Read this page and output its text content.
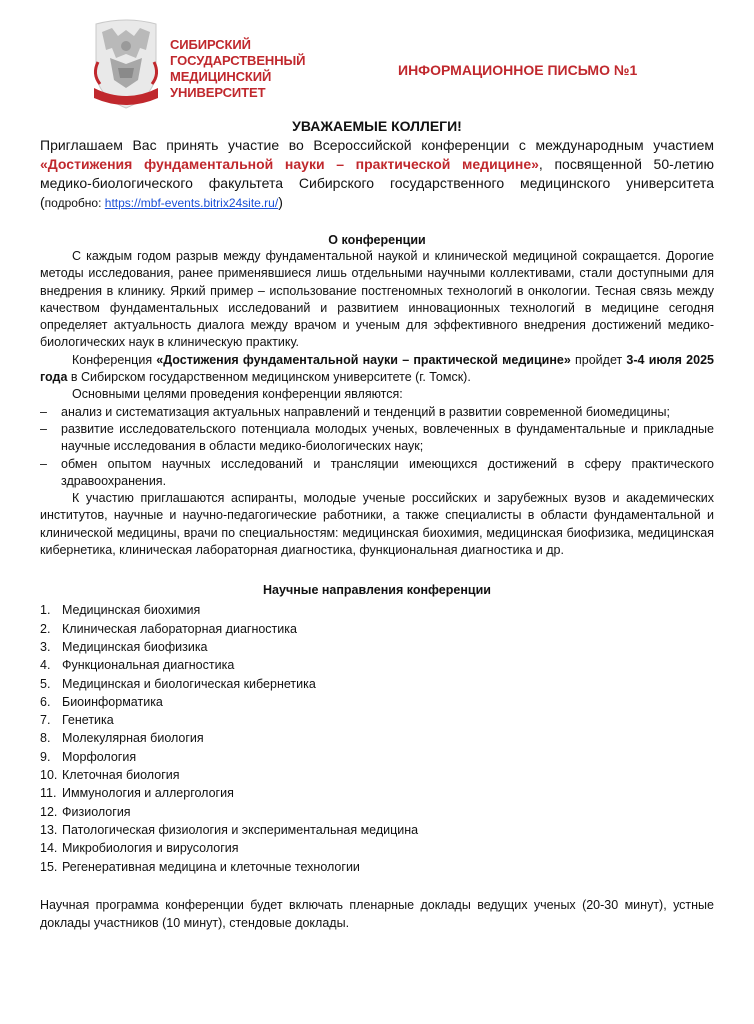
СИБИРСКИЙ
ГОСУДАРСТВЕННЫЙ
МЕДИЦИНСКИЙ
УНИВЕРСИТЕТ
ИНФОРМАЦИОННОЕ ПИСЬМО №1

УВАЖАЕМЫЕ КОЛЛЕГИ!

Приглашаем Вас принять участие во Всероссийской конференции с международным участием «Достижения фундаментальной науки – практической медицине», посвященной 50-летию медико-биологического факультета Сибирского государственного медицинского университета (подробно: https://mbf-events.bitrix24site.ru/)

О конференции

С каждым годом разрыв между фундаментальной наукой и клинической медициной сокращается. Дорогие методы исследования, ранее применявшиеся лишь отдельными научными коллективами, стали доступными для внедрения в клинику. Яркий пример – использование постгеномных технологий в онкологии. Тесная связь между качеством фундаментальных исследований и развитием инновационных технологий в медицине сегодня определяет актуальность диалога между врачом и ученым для эффективного внедрения достижений медико-биологических наук в клиническую практику.

Конференция «Достижения фундаментальной науки – практической медицине» пройдет 3-4 июля 2025 года в Сибирском государственном медицинском университете (г. Томск).

Основными целями проведения конференции являются:

– анализ и систематизация актуальных направлений и тенденций в развитии современной биомедицины;
– развитие исследовательского потенциала молодых ученых, вовлеченных в фундаментальные и прикладные научные исследования в области медико-биологических наук;
– обмен опытом научных исследований и трансляции имеющихся достижений в сферу практического здравоохранения.

К участию приглашаются аспиранты, молодые ученые российских и зарубежных вузов и академических институтов, научные и научно-педагогические работники, а также специалисты в области фундаментальной и клинической медицины, врачи по специальностям: медицинская биохимия, медицинская биофизика, медицинская кибернетика, клиническая лабораторная диагностика, функциональная диагностика и др.

Научные направления конференции
1. Медицинская биохимия
2. Клиническая лабораторная диагностика
3. Медицинская биофизика
4. Функциональная диагностика
5. Медицинская и биологическая кибернетика
6. Биоинформатика
7. Генетика
8. Молекулярная биология
9. Морфология
10. Клеточная биология
11. Иммунология и аллергология
12. Физиология
13. Патологическая физиология и экспериментальная медицина
14. Микробиология и вирусология
15. Регенеративная медицина и клеточные технологии

Научная программа конференции будет включать пленарные доклады ведущих ученых (20-30 минут), устные доклады участников (10 минут), стендовые доклады.
